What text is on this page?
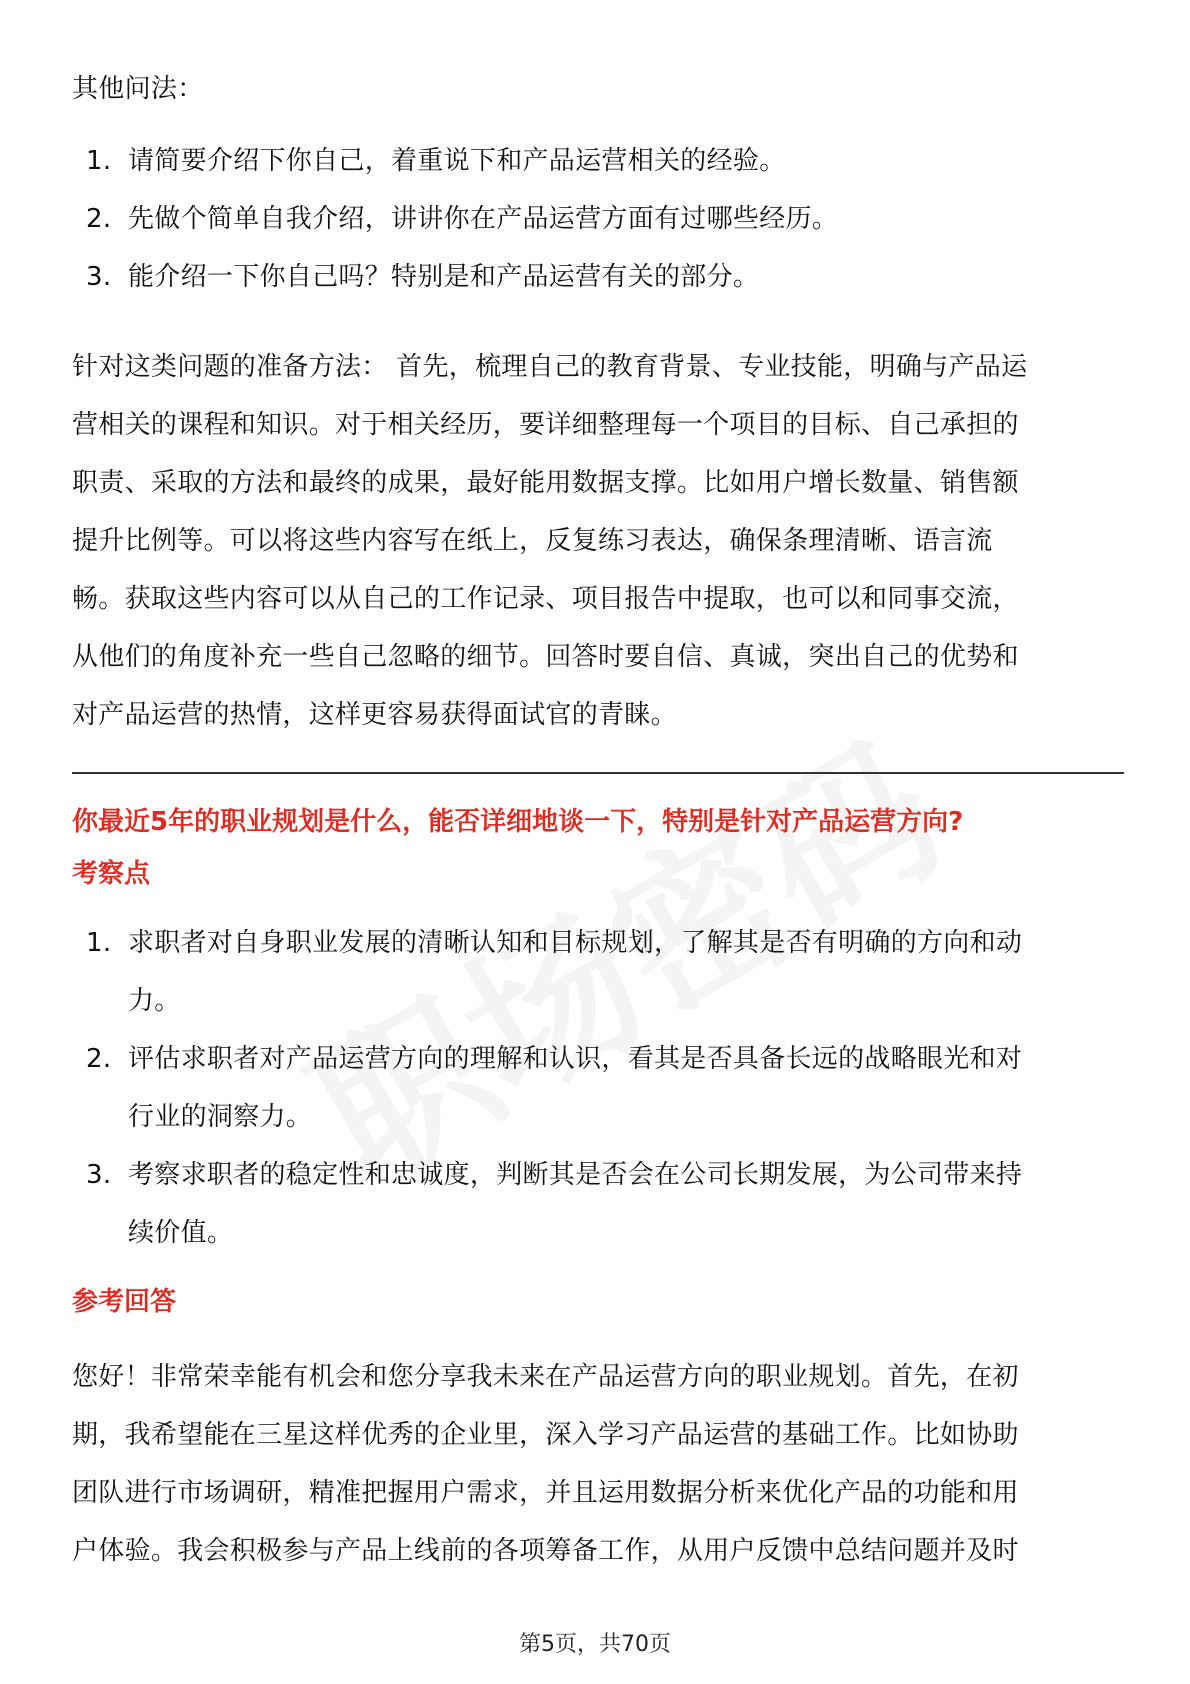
其他问法：

1. 请简要介绍下你自己，着重说下和产品运营相关的经验。
2. 先做个简单自我介绍，讲讲你在产品运营方面有过哪些经历。
3. 能介绍一下你自己吗？特别是和产品运营有关的部分。
针对这类问题的准备方法： 首先，梳理自己的教育背景、专业技能，明确与产品运
营相关的课程和知识。对于相关经历，要详细整理每一个项目的目标、自己承担的
职责、采取的方法和最终的成果，最好能用数据支撑。比如用户增长数量、销售额
提升比例等。可以将这些内容写在纸上，反复练习表达，确保条理清晰、语言流
畅。获取这些内容可以从自己的工作记录、项目报告中提取，也可以和同事交流，
从他们的角度补充一些自己忽略的细节。回答时要自信、真诚，突出自己的优势和
对产品运营的热情，这样更容易获得面试官的青睐。

你最近5年的职业规划是什么，能否详细地谈一下，特别是针对产品运营方向?

考察点

1. 求职者对自身职业发展的清晰认知和目标规划，了解其是否有明确的方向和动
力。
2. 评估求职者对产品运营方向的理解和认识，看其是否具备长远的战略眼光和对
行业的洞察力。
3. 考察求职者的稳定性和忠诚度，判断其是否会在公司长期发展，为公司带来持
续价值。

参考回答

您好！非常荣幸能有机会和您分享我未来在产品运营方向的职业规划。首先，在初
期，我希望能在三星这样优秀的企业里，深入学习产品运营的基础工作。比如协助
团队进行市场调研，精准把握用户需求，并且运用数据分析来优化产品的功能和用
户体验。我会积极参与产品上线前的各项筹备工作，从用户反馈中总结问题并及时
第5页，共70页
